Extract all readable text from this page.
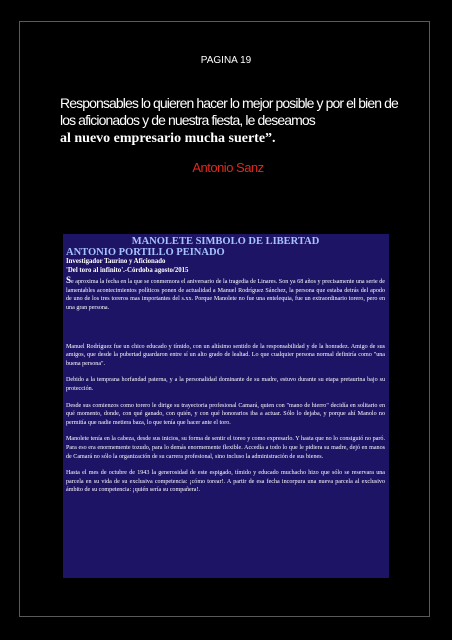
PAGINA 19
Responsables lo quieren hacer lo mejor posible y por el bien de los aficionados y de nuestra fiesta, le deseamos
al nuevo empresario mucha suerte”.
Antonio Sanz
MANOLETE SIMBOLO DE LIBERTAD
ANTONIO PORTILLO PEINADO
Investigador Taurino y Aficionado
'Del toro al infinito'.-Córdoba agosto/2015

Se aproxima la fecha en la que se conmemora el aniversario de la tragedia de Linares. Son ya 68 años y precisamente una serie de lamentables acontecimientos políticos ponen de actualidad a Manuel Rodríguez Sánchez, la persona que estaba detrás del apodo de uno de los tres toreros mas importantes del s.xx. Porque Manolete no fue una entelequia, fue un extraordinario torero, pero en una gran persona.

Manuel Rodríguez fue un chico educado y tímido, con un altísimo sentido de la responsabilidad y de la honradez. Amigo de sus amigos, que desde la pubertad guardaron entre sí un alto grado de lealtad. Lo que cualquier persona normal definiría como "una buena persona".

Debido a la temprana horfandad paterna, y a la personalidad dominante de su madre, estuvo durante su etapa pretaurina bajo su protección.

Desde sus comienzos como torero le dirige su trayectoria profesional Camará, quien con "mano de hierro" decidía en solitario en qué momento, donde, con qué ganado, con quién, y con qué honorarios iba a actuar. Sólo lo dejaba, y porque ahí Manolo no permitía que nadie metiera baza, lo que tenía que hacer ante el toro.

Manolete tenía en la cabeza, desde sus inicios, su forma de sentir el toreo y como expresarlo. Y hasta que no lo consiguió no paró. Para eso era enormemente tozudo, para lo demás enormemente flexible. Accedía a todo lo que le pidiera su madre, dejó en manos de Camará no sólo la organización de su carrera profesional, sino incluso la administración de sus bienes.

Hasta el mes de octubre de 1943 la generosidad de este espigado, tímido y educado muchacho hizo que sólo se reservara una parcela en su vida de su exclusiva competencia: ¡cómo torear!. A partir de esa fecha incorpura una nueva parcela al exclusivo ámbito de su competencia: ¡quién sería su compañera!.
